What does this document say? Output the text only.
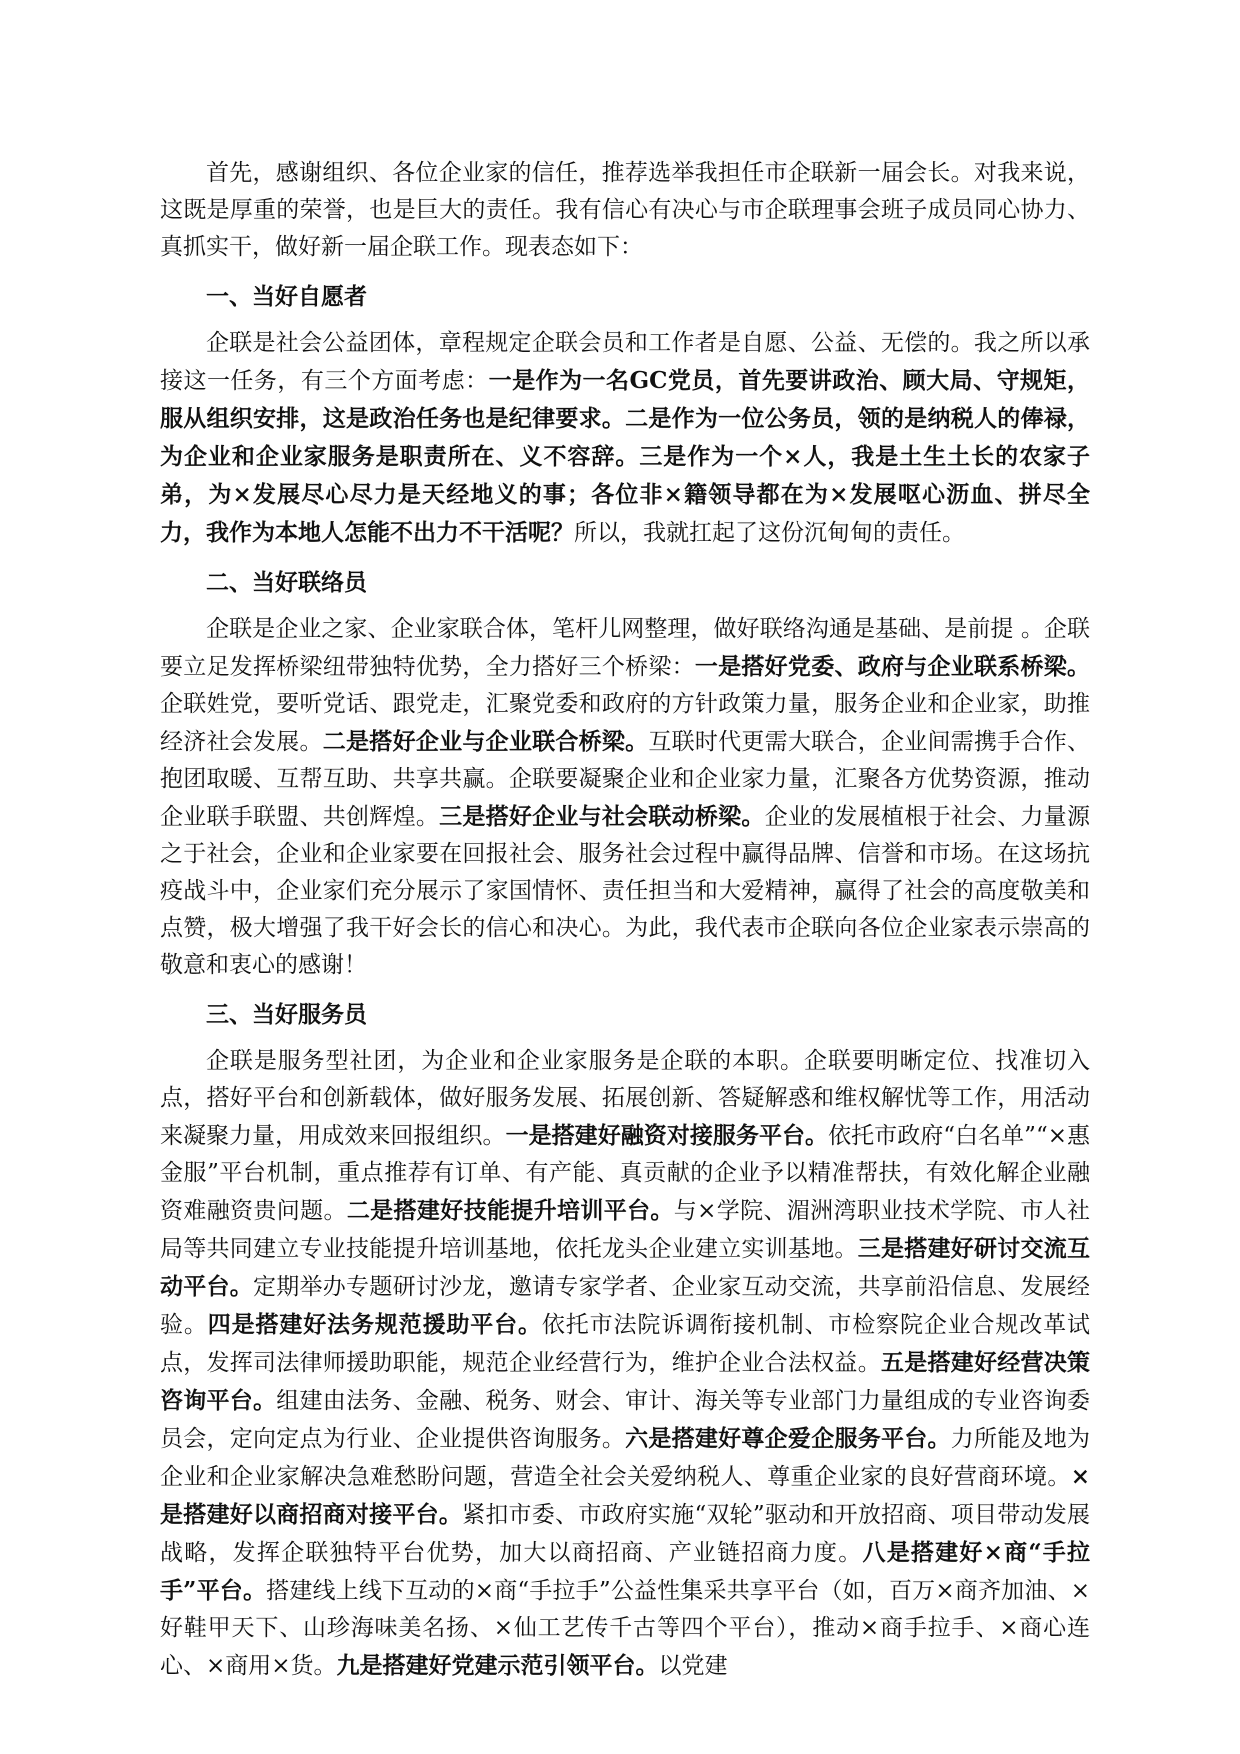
首先，感谢组织、各位企业家的信任，推荐选举我担任市企联新一届会长。对我来说，这既是厚重的荣誉，也是巨大的责任。我有信心有决心与市企联理事会班子成员同心协力、真抓实干，做好新一届企联工作。现表态如下：

一、当好自愿者

企联是社会公益团体，章程规定企联会员和工作者是自愿、公益、无偿的。我之所以承接这一任务，有三个方面考虑：一是作为一名GC党员，首先要讲政治、顾大局、守规矩，服从组织安排，这是政治任务也是纪律要求。二是作为一位公务员，领的是纳税人的俸禄，为企业和企业家服务是职责所在、义不容辞。三是作为一个×人，我是土生土长的农家子弟，为×发展尽心尽力是天经地义的事；各位非×籍领导都在为×发展呕心沥血、拼尽全力，我作为本地人怎能不出力不干活呢？所以，我就扛起了这份沉甸甸的责任。

二、当好联络员

企联是企业之家、企业家联合体，笔杆儿网整理，做好联络沟通是基础、是前提 。企联要立足发挥桥梁纽带独特优势，全力搭好三个桥梁：一是搭好党委、政府与企业联系桥梁。企联姓党，要听党话、跟党走，汇聚党委和政府的方针政策力量，服务企业和企业家，助推经济社会发展。二是搭好企业与企业联合桥梁。互联时代更需大联合，企业间需携手合作、抱团取暖、互帮互助、共享共赢。企联要凝聚企业和企业家力量，汇聚各方优势资源，推动企业联手联盟、共创辉煌。三是搭好企业与社会联动桥梁。企业的发展植根于社会、力量源之于社会，企业和企业家要在回报社会、服务社会过程中赢得品牌、信誉和市场。在这场抗疫战斗中，企业家们充分展示了家国情怀、责任担当和大爱精神，赢得了社会的高度敬美和点赞，极大增强了我干好会长的信心和决心。为此，我代表市企联向各位企业家表示崇高的敬意和衷心的感谢！

三、当好服务员

企联是服务型社团，为企业和企业家服务是企联的本职。企联要明晰定位、找准切入点，搭好平台和创新载体，做好服务发展、拓展创新、答疑解惑和维权解忧等工作，用活动来凝聚力量，用成效来回报组织。一是搭建好融资对接服务平台。依托市政府“白名单”“×惠金服”平台机制，重点推荐有订单、有产能、真贡献的企业予以精准帮扶，有效化解企业融资难融资贵问题。二是搭建好技能提升培训平台。与×学院、湄洲湾职业技术学院、市人社局等共同建立专业技能提升培训基地，依托龙头企业建立实训基地。三是搭建好研讨交流互动平台。定期举办专题研讨沙龙，邀请专家学者、企业家互动交流，共享前沿信息、发展经验。四是搭建好法务规范援助平台。依托市法院诉调衔接机制、市检察院企业合规改革试点，发挥司法律师援助职能，规范企业经营行为，维护企业合法权益。五是搭建好经营决策咨询平台。组建由法务、金融、税务、财会、审计、海关等专业部门力量组成的专业咨询委员会，定向定点为行业、企业提供咨询服务。六是搭建好尊企爱企服务平台。力所能及地为企业和企业家解决急难愁盼问题，营造全社会关爱纳税人、尊重企业家的良好营商环境。×是搭建好以商招商对接平台。紧扣市委、市政府实施“双轮”驱动和开放招商、项目带动发展战略，发挥企联独特平台优势，加大以商招商、产业链招商力度。八是搭建好×商“手拉手”平台。搭建线上线下互动的×商“手拉手”公益性集采共享平台（如，百万×商齐加油、×好鞋甲天下、山珍海味美名扬、×仙工艺传千古等四个平台），推动×商手拉手、×商心连心、×商用×货。九是搭建好党建示范引领平台。以党建
